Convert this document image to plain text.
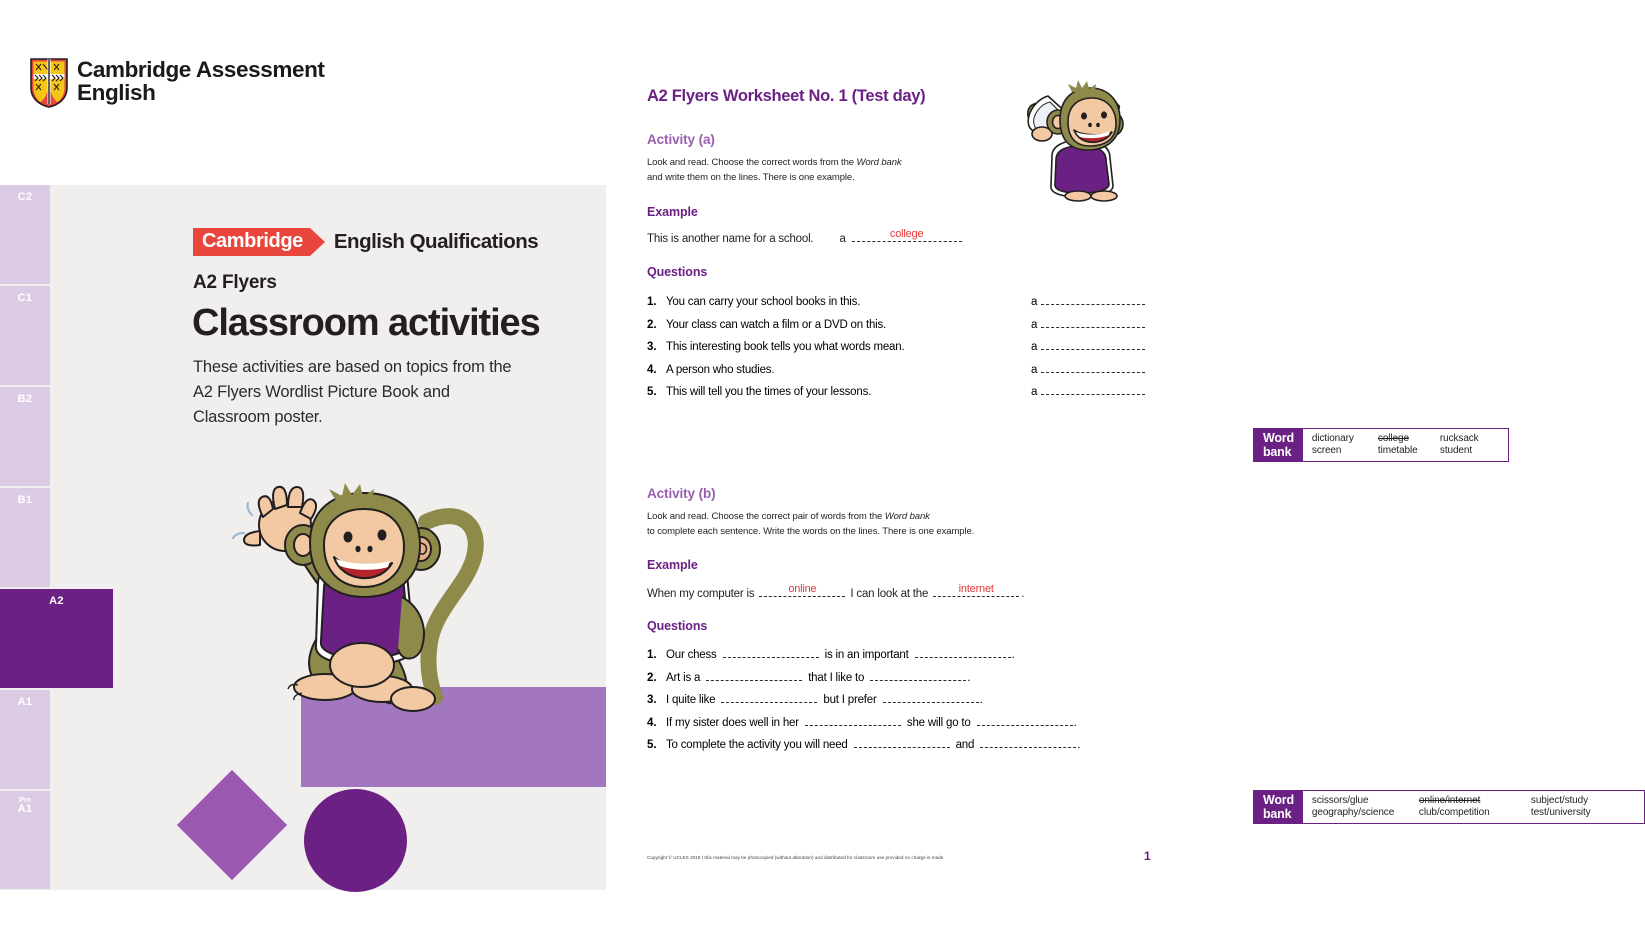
Cambridge Assessment
English
C2
C1
B2
B1
A2
A1
Pre
A1
Cambridge	English Qualifications
A2 Flyers
Classroom activities
These activities are based on topics from the A2 Flyers Wordlist Picture Book and Classroom poster.
A2 Flyers Worksheet No. 1 (Test day)
Activity (a)
Look and read. Choose the correct words from the Word bank
and write them on the lines. There is one example.
Example
This is another name for a school. a	college
Questions
1. You can carry your school books in this.	a
2. Your class can watch a film or a DVD on this.	a
3. This interesting book tells you what words mean.	a
4. A person who studies.	a
5. This will tell you the times of your lessons.	a
Word bank
dictionary	college	rucksack
screen	timetable	student
Activity (b)
Look and read. Choose the correct pair of words from the Word bank
to complete each sentence. Write the words on the lines. There is one example.
Example
When my computer is	online	I can look at the	internet	.
Questions
1. Our chess	is in an important	.
2. Art is a	that I like to	.
3. I quite like	but I prefer	.
4. If my sister does well in her	she will go to	.
5. To complete the activity you will need	and	.
Word bank
scissors/glue	online/internet	subject/study
geography/science	club/competition	test/university
Copyright © UCLES 2018 | this material may be photocopied (without alteration) and distributed for classroom use provided no charge is made	1
